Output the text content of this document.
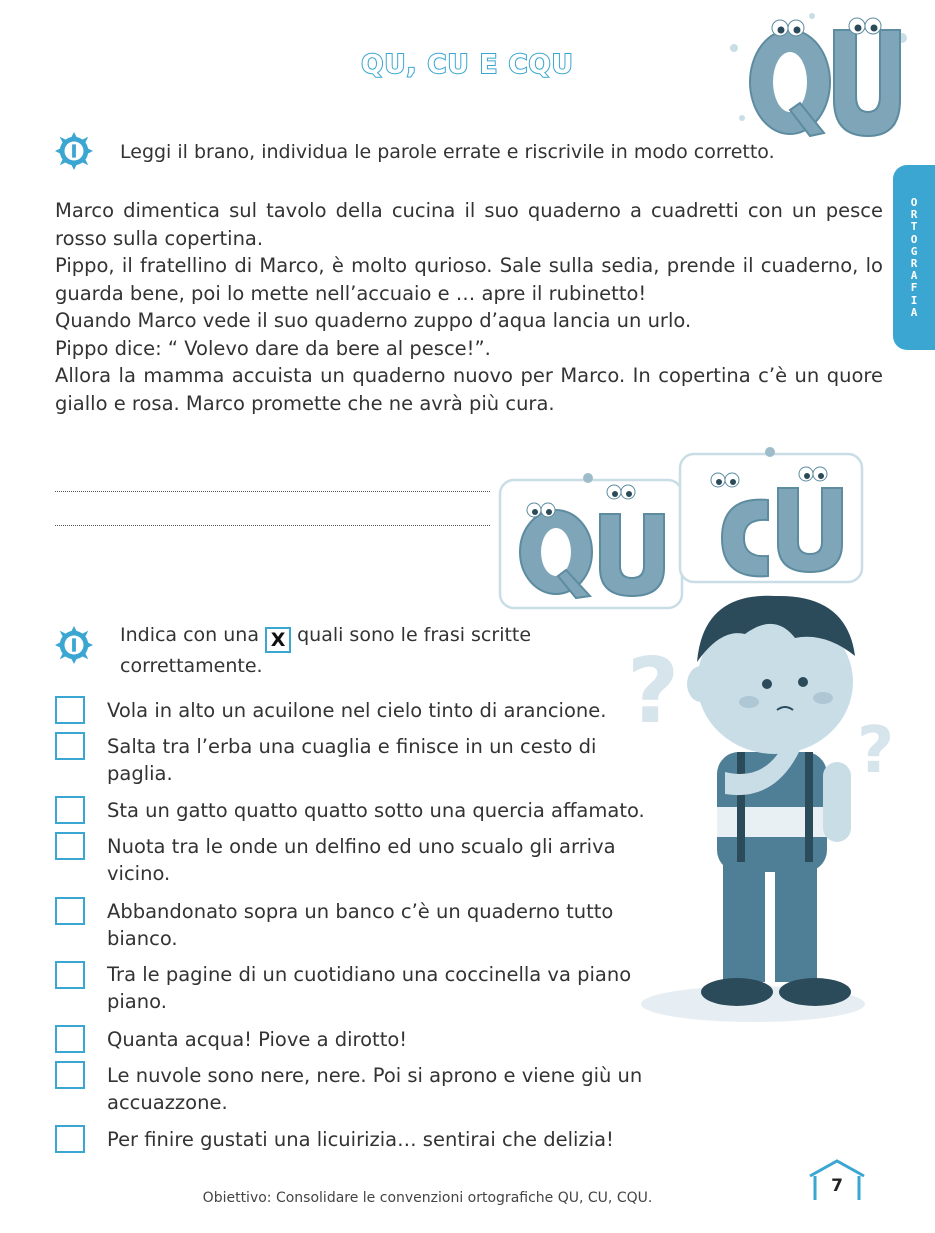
QU, CU E CQU
O
R
T
O
G
R
A
F
I
A
Leggi il brano, individua le parole errate e riscrivile in modo corretto.

Marco dimentica sul tavolo della cucina il suo quaderno a cuadretti con un pesce rosso sulla copertina.

Pippo, il fratellino di Marco, è molto qurioso. Sale sulla sedia, prende il cuaderno, lo guarda bene, poi lo mette nell’accuaio e … apre il rubinetto!

Quando Marco vede il suo quaderno zuppo d’aqua lancia un urlo.

Pippo dice: “ Volevo dare da bere al pesce!”.

Allora la mamma accuista un quaderno nuovo per Marco. In copertina c’è un quore giallo e rosa. Marco promette che ne avrà più cura.

Indica con una X quali sono le frasi scritte correttamente.
Vola in alto un acuilone nel cielo tinto di arancione.
Salta tra l’erba una cuaglia e finisce in un cesto di paglia.
Sta un gatto quatto quatto sotto una quercia affamato.
Nuota tra le onde un delfino ed uno scualo gli arriva vicino.
Abbandonato sopra un banco c’è un quaderno tutto bianco.
Tra le pagine di un cuotidiano una coccinella va piano piano.
Quanta acqua! Piove a dirotto!
Le nuvole sono nere, nere. Poi si aprono e viene giù un accuazzone.
Per finire gustati una licuirizia… sentirai che delizia!
?
?
Obiettivo: Consolidare le convenzioni ortografiche QU, CU, CQU.
7
